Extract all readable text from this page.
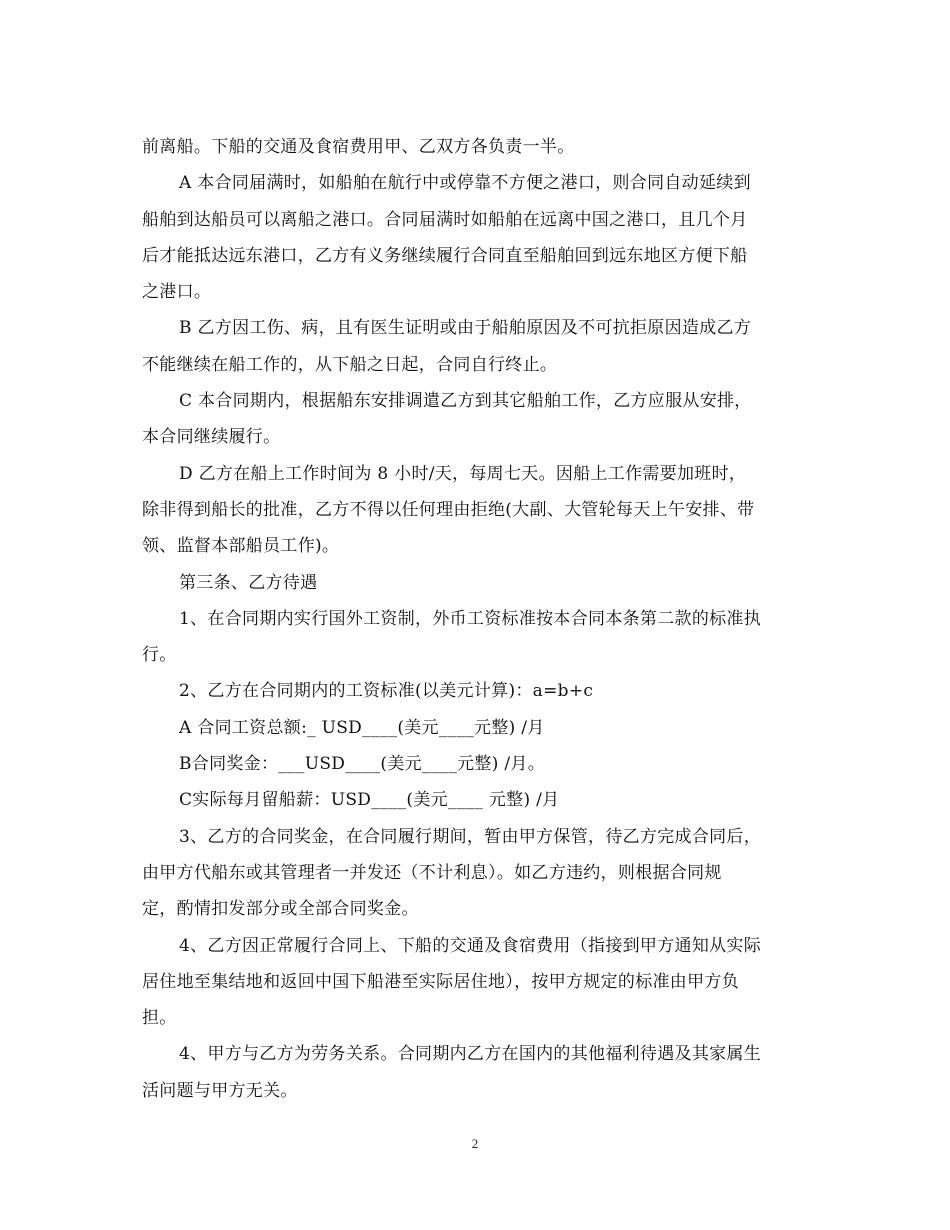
前离船。下船的交通及食宿费用甲、乙双方各负责一半。
A 本合同届满时，如船舶在航行中或停靠不方便之港口，则合同自动延续到
船舶到达船员可以离船之港口。合同届满时如船舶在远离中国之港口，且几个月
后才能抵达远东港口，乙方有义务继续履行合同直至船舶回到远东地区方便下船
之港口。
B 乙方因工伤、病，且有医生证明或由于船舶原因及不可抗拒原因造成乙方
不能继续在船工作的，从下船之日起，合同自行终止。
C 本合同期内，根据船东安排调遣乙方到其它船舶工作，乙方应服从安排，
本合同继续履行。
D 乙方在船上工作时间为 8 小时/天，每周七天。因船上工作需要加班时，
除非得到船长的批准，乙方不得以任何理由拒绝(大副、大管轮每天上午安排、带
领、监督本部船员工作)。
第三条、乙方待遇
1、在合同期内实行国外工资制，外币工资标准按本合同本条第二款的标准执
行。
2、乙方在合同期内的工资标准(以美元计算)：a=b+c
A 合同工资总额:_ USD____(美元____元整) /月
B合同奖金：___USD____(美元____元整) /月。
C实际每月留船薪：USD____(美元____ 元整) /月
3、乙方的合同奖金，在合同履行期间，暂由甲方保管，待乙方完成合同后，
由甲方代船东或其管理者一并发还（不计利息）。如乙方违约，则根据合同规
定，酌情扣发部分或全部合同奖金。
4、乙方因正常履行合同上、下船的交通及食宿费用（指接到甲方通知从实际
居住地至集结地和返回中国下船港至实际居住地），按甲方规定的标准由甲方负
担。
4、甲方与乙方为劳务关系。合同期内乙方在国内的其他福利待遇及其家属生
活问题与甲方无关。
2
